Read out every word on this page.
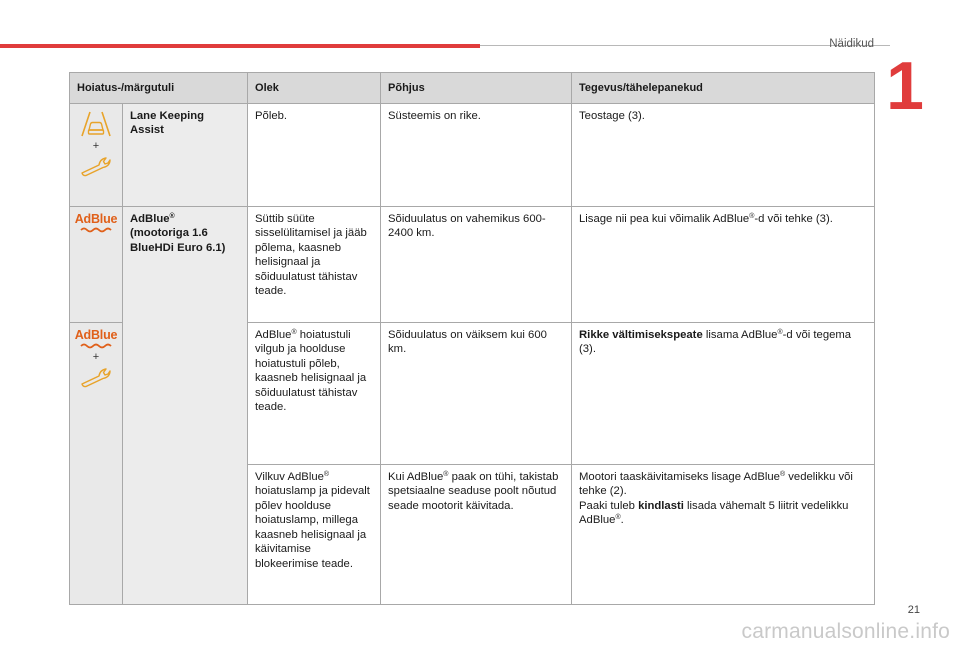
Näidikud
1
Hoiatus-/märgutuli		Olek	Põhjus	Tegevus/tähelepanekud

+	Lane Keeping Assist	Põleb.	Süsteemis on rike.	Teostage (3).

AdBlue	AdBlue®
(mootoriga 1.6 BlueHDi Euro 6.1)	Süttib süüte sisselülitamisel ja jääb põlema, kaasneb helisignaal ja sõiduulatust tähistav teade.	Sõiduulatus on vahemikus 600-2400 km.	Lisage nii pea kui võimalik AdBlue®-d või tehke (3).

AdBlue
+		AdBlue® hoiatustuli vilgub ja hoolduse hoiatustuli põleb, kaasneb helisignaal ja sõiduulatust tähistav teade.	Sõiduulatus on väiksem kui 600 km.	Rikke vältimisekspeate lisama AdBlue®-d või tegema (3).
		Vilkuv AdBlue® hoiatuslamp ja pidevalt põlev hoolduse hoiatuslamp, millega kaasneb helisignaal ja käivitamise blokeerimise teade.	Kui AdBlue® paak on tühi, takistab spetsiaalne seaduse poolt nõutud seade mootorit käivitada.	Mootori taaskäivitamiseks lisage AdBlue® vedelikku või tehke (2).
Paaki tuleb kindlasti lisada vähemalt 5 liitrit vedelikku AdBlue®.
21
carmanualsonline.info
